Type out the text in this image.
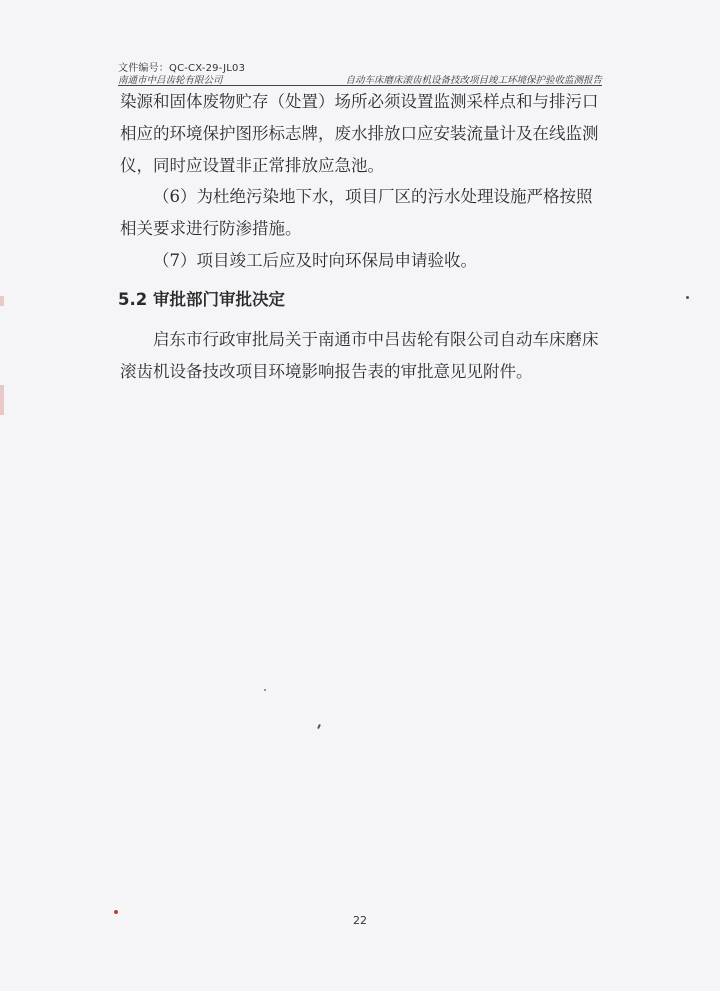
文件编号：QC-CX-29-JL03
南通市中吕齿轮有限公司	自动车床磨床滚齿机设备技改项目竣工环境保护验收监测报告

染源和固体废物贮存（处置）场所必须设置监测采样点和与排污口相应的环境保护图形标志牌，废水排放口应安装流量计及在线监测仪，同时应设置非正常排放应急池。

（6）为杜绝污染地下水，项目厂区的污水处理设施严格按照相关要求进行防渗措施。

（7）项目竣工后应及时向环保局申请验收。

5.2 审批部门审批决定

启东市行政审批局关于南通市中吕齿轮有限公司自动车床磨床滚齿机设备技改项目环境影响报告表的审批意见见附件。

22
